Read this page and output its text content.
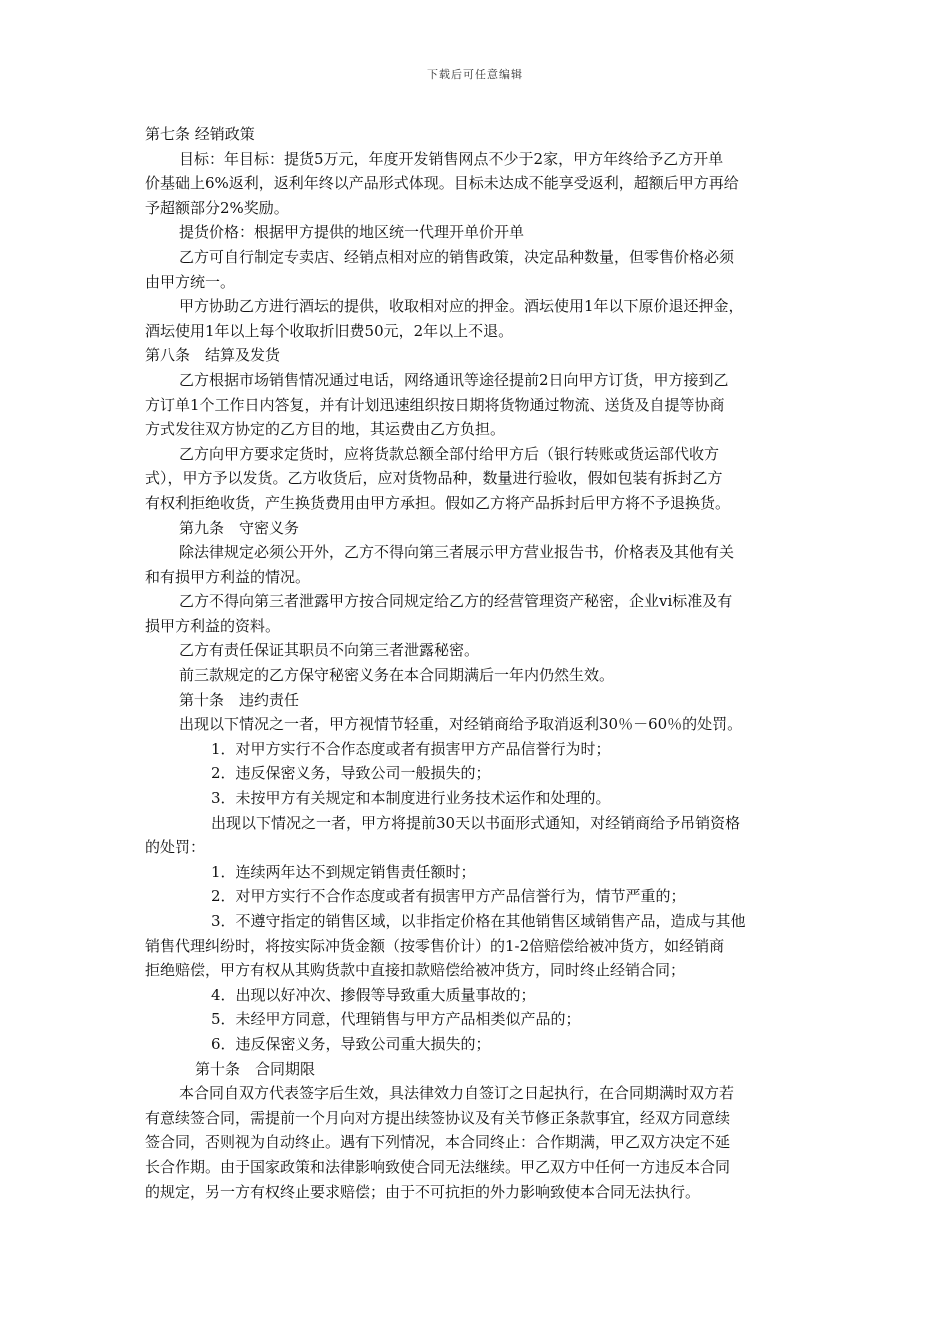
下载后可任意编辑
第七条 经销政策
目标：年目标：提货5万元，年度开发销售网点不少于2家，甲方年终给予乙方开单
价基础上6%返利，返利年终以产品形式体现。目标未达成不能享受返利，超额后甲方再给
予超额部分2%奖励。
提货价格：根据甲方提供的地区统一代理开单价开单
乙方可自行制定专卖店、经销点相对应的销售政策，决定品种数量，但零售价格必须
由甲方统一。
甲方协助乙方进行酒坛的提供，收取相对应的押金。酒坛使用1年以下原价退还押金，
酒坛使用1年以上每个收取折旧费50元，2年以上不退。
第八条　结算及发货
乙方根据市场销售情况通过电话，网络通讯等途径提前2日向甲方订货，甲方接到乙
方订单1个工作日内答复，并有计划迅速组织按日期将货物通过物流、送货及自提等协商
方式发往双方协定的乙方目的地，其运费由乙方负担。
乙方向甲方要求定货时，应将货款总额全部付给甲方后（银行转账或货运部代收方
式），甲方予以发货。乙方收货后，应对货物品种，数量进行验收，假如包装有拆封乙方
有权利拒绝收货，产生换货费用由甲方承担。假如乙方将产品拆封后甲方将不予退换货。
第九条　守密义务
除法律规定必须公开外，乙方不得向第三者展示甲方营业报告书，价格表及其他有关
和有损甲方利益的情况。
乙方不得向第三者泄露甲方按合同规定给乙方的经营管理资产秘密，企业vi标准及有
损甲方利益的资料。
乙方有责任保证其职员不向第三者泄露秘密。
前三款规定的乙方保守秘密义务在本合同期满后一年内仍然生效。
第十条　违约责任
出现以下情况之一者，甲方视情节轻重，对经销商给予取消返利30％－60％的处罚。
1．对甲方实行不合作态度或者有损害甲方产品信誉行为时；
2．违反保密义务，导致公司一般损失的；
3．未按甲方有关规定和本制度进行业务技术运作和处理的。
出现以下情况之一者，甲方将提前30天以书面形式通知，对经销商给予吊销资格
的处罚：
1．连续两年达不到规定销售责任额时；
2．对甲方实行不合作态度或者有损害甲方产品信誉行为，情节严重的；
3．不遵守指定的销售区域，以非指定价格在其他销售区域销售产品，造成与其他
销售代理纠纷时，将按实际冲货金额（按零售价计）的1-2倍赔偿给被冲货方，如经销商
拒绝赔偿，甲方有权从其购货款中直接扣款赔偿给被冲货方，同时终止经销合同；
4．出现以好冲次、掺假等导致重大质量事故的；
5．未经甲方同意，代理销售与甲方产品相类似产品的；
6．违反保密义务，导致公司重大损失的；
第十条　合同期限
本合同自双方代表签字后生效，具法律效力自签订之日起执行，在合同期满时双方若
有意续签合同，需提前一个月向对方提出续签协议及有关节修正条款事宜，经双方同意续
签合同，否则视为自动终止。遇有下列情况，本合同终止：合作期满，甲乙双方决定不延
长合作期。由于国家政策和法律影响致使合同无法继续。甲乙双方中任何一方违反本合同
的规定，另一方有权终止要求赔偿；由于不可抗拒的外力影响致使本合同无法执行。
